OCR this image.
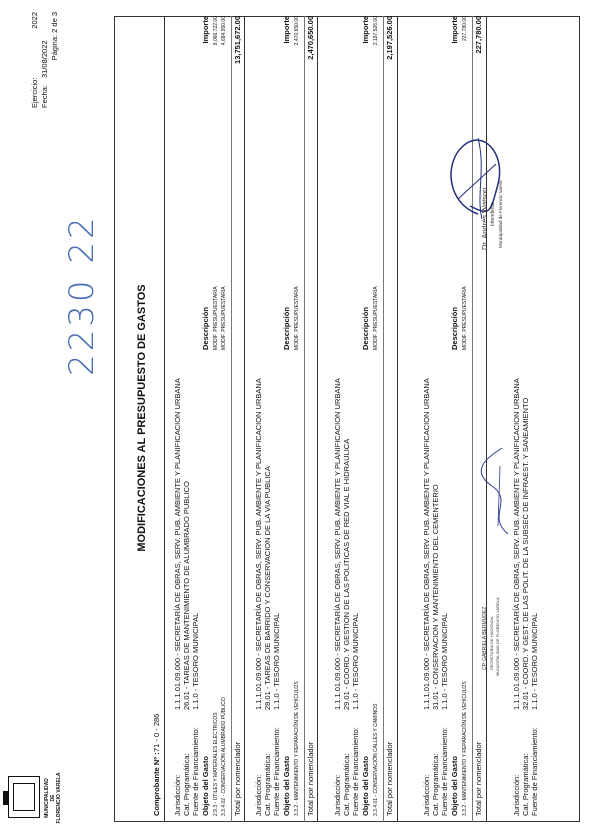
MUNICIPALIDAD DE FLORENCIO VARELA
MODIFICACIONES AL PRESUPUESTO DE GASTOS
Ejercicio:
2022
Fecha:
31/08/2022 Página: 2 de 3
2230 22
Comprobante Nº :
71 - 0 - 286
Jurisdicción:
1.1.1.01.09.000 - SECRETARÍA DE OBRAS, SERV. PUB. AMBIENTE Y PLANIFICACION URBANA
Cat. Programática:
26.01 - TAREAS DE MANTENIMIENTO DE ALUMBRADO PUBLICO
Fuente de Financiamiento:
1.1.0 - TESORO MUNICIPAL
Objeto del Gasto
Descripción
Importe
2.9.3 - ÚTILES Y MATERIALES ELÉCTRICOS
MODIF. PRESUPUESTARIA
9,066,722.00
3.3.4.02 - CONSERVACIÓN ALUMBRADO PÚBLICO
MODIF. PRESUPUESTARIA
4,684,950.00
Total por nomenclador
13,751,672.00
Jurisdicción:
1.1.1.01.09.000 - SECRETARÍA DE OBRAS, SERV. PUB. AMBIENTE Y PLANIFICACION URBANA
Cat. Programática:
28.01 - TAREAS DE BARRIDO Y CONSERVACION DE LA VIA PUBLICA
Fuente de Financiamiento:
1.1.0 - TESORO MUNICIPAL
Objeto del Gasto
Descripción
Importe
3.3.2 - MANTENIMIENTO Y REPARACIÓN DE VEHÍCULOS
MODIF. PRESUPUESTARIA
2,470,650.00
Total por nomenclador
2,470,650.00
Jurisdicción:
1.1.1.01.09.000 - SECRETARÍA DE OBRAS, SERV. PUB. AMBIENTE Y PLANIFICACION URBANA
Cat. Programática:
29.01 - COORD. Y GESTION DE LAS POLITICAS DE RED VIAL E HIDRAULICA
Fuente de Financiamiento:
1.1.0 - TESORO MUNICIPAL
Objeto del Gasto
Descripción
Importe
3.3.4.01 - CONSERVACIÓN CALLES Y CAMINOS
MODIF. PRESUPUESTARIA
2,197,526.00
Total por nomenclador
2,197,526.00
Jurisdicción:
1.1.1.01.09.000 - SECRETARÍA DE OBRAS, SERV. PUB. AMBIENTE Y PLANIFICACION URBANA
Cat. Programática:
31.01 - CONSERVACION Y MANTENIMIENTO DEL CEMENTERIO
Fuente de Financiamiento:
1.1.0 - TESORO MUNICIPAL
Objeto del Gasto
Descripción
Importe
3.3.2 - MANTENIMIENTO Y REPARACIÓN DE VEHÍCULOS
MODIF. PRESUPUESTARIA
227,780.00
Total por nomenclador
227,780.00
Jurisdicción:
1.1.1.01.09.000 - SECRETARÍA DE OBRAS, SERV. PUB. AMBIENTE Y PLANIFICACION URBANA
Cat. Programática:
32.01 - COORD. Y GEST. DE LAS POLIT. DE LA SUBSEC DE INFRAEST. Y SANEAMIENTO
Fuente de Financiamiento:
1.1.0 - TESORO MUNICIPAL
CP. GABRIELA BERMUDEZ SECRETARIA DE HACIENDA MUNICIPALIDAD DE FLORENCIO VARELA
Dr. Andrés Watson Intendente Municipalidad de Florencio Varela
